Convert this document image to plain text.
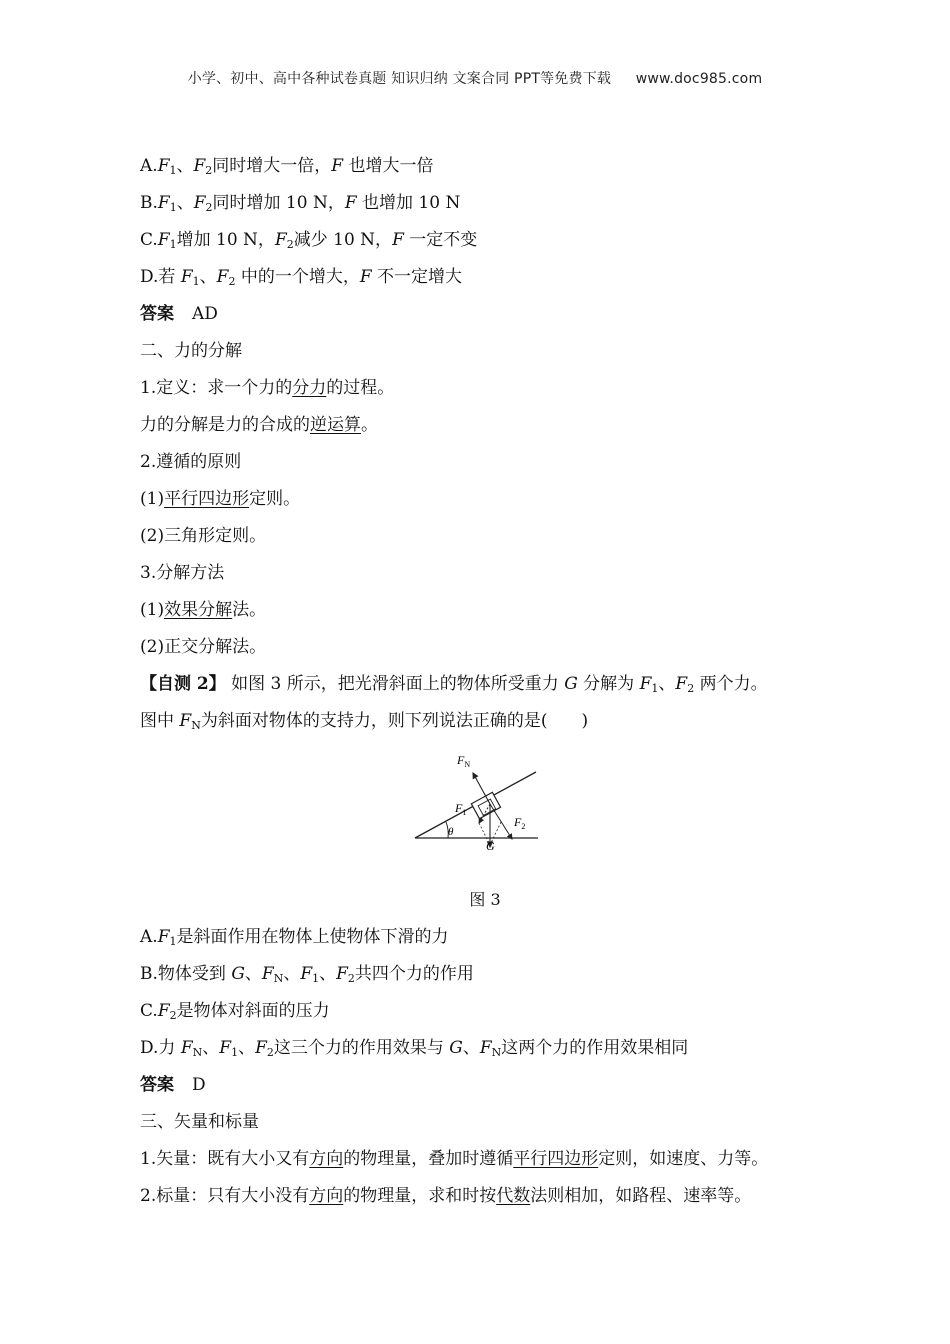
小学、初中、高中各种试卷真题 知识归纳 文案合同 PPT等免费下载 www.doc985.com
$A.F_1$、$F_2$同时增大一倍，F 也增大一倍
$B.F_1$、$F_2$同时增加 10 N，F 也增加 10 N
$C.F_1$增加 10 N，$F_2$减少 10 N，F 一定不变
D.若 $F_1$、$F_2$ 中的一个增大，F 不一定增大
答案 AD
二、力的分解
1.定义：求一个力的分力的过程。
力的分解是力的合成的逆运算。
2.遵循的原则
(1)平行四边形定则。
(2)三角形定则。
3.分解方法
(1)效果分解法。
(2)正交分解法。
【自测 2】 如图 3 所示，把光滑斜面上的物体所受重力 G 分解为 $F_1$、$F_2$ 两个力。
图中 $F_N$为斜面对物体的支持力，则下列说法正确的是(　　)
$F_N$
$F_1$
$F_2$
G
θ
图 3
$A.F_1$是斜面作用在物体上使物体下滑的力
B.物体受到 G、$F_N$、$F_1$、$F_2$共四个力的作用
$C.F_2$是物体对斜面的压力
D.力 $F_N$、$F_1$、$F_2$这三个力的作用效果与 G、$F_N$这两个力的作用效果相同
答案 D
三、矢量和标量
1.矢量：既有大小又有方向的物理量，叠加时遵循平行四边形定则，如速度、力等。
2.标量：只有大小没有方向的物理量，求和时按代数法则相加，如路程、速率等。
